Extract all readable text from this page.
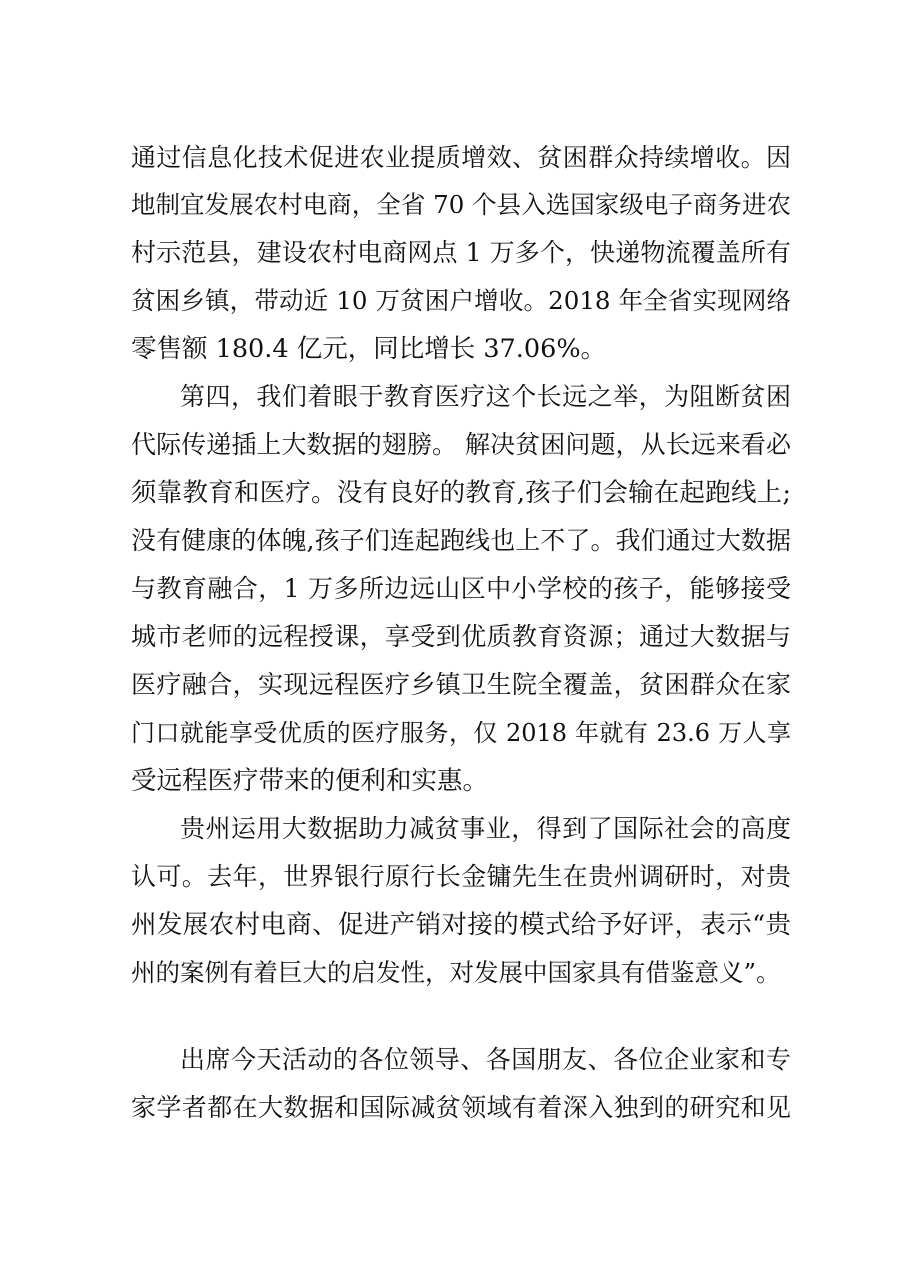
通过信息化技术促进农业提质增效、贫困群众持续增收。因
地制宜发展农村电商，全省 70 个县入选国家级电子商务进农
村示范县，建设农村电商网点 1 万多个，快递物流覆盖所有
贫困乡镇，带动近 10 万贫困户增收。2018 年全省实现网络
零售额 180.4 亿元，同比增长 37.06%。
第四，我们着眼于教育医疗这个长远之举，为阻断贫困
代际传递插上大数据的翅膀。 解决贫困问题，从长远来看必
须靠教育和医疗。没有良好的教育,孩子们会输在起跑线上;
没有健康的体魄,孩子们连起跑线也上不了。我们通过大数据
与教育融合，1 万多所边远山区中小学校的孩子，能够接受
城市老师的远程授课，享受到优质教育资源；通过大数据与
医疗融合，实现远程医疗乡镇卫生院全覆盖，贫困群众在家
门口就能享受优质的医疗服务，仅 2018 年就有 23.6 万人享
受远程医疗带来的便利和实惠。
贵州运用大数据助力减贫事业，得到了国际社会的高度
认可。去年，世界银行原行长金镛先生在贵州调研时，对贵
州发展农村电商、促进产销对接的模式给予好评，表示“贵
州的案例有着巨大的启发性，对发展中国家具有借鉴意义”。
出席今天活动的各位领导、各国朋友、各位企业家和专
家学者都在大数据和国际减贫领域有着深入独到的研究和见
